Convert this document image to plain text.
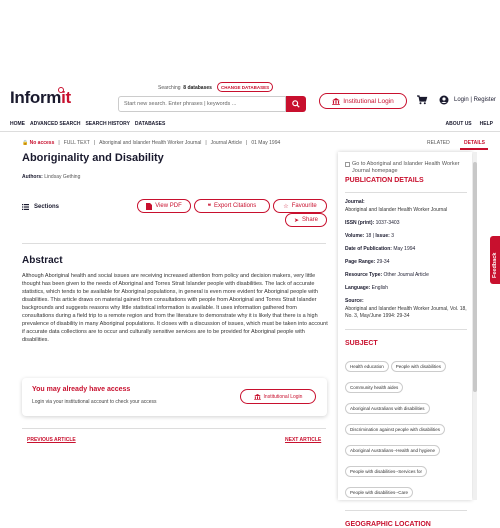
Informit	Searching 8 databases	CHANGE DATABASES
Start new search. Enter phrases | keywords ...	Institutional Login	Login | Register
HOME ADVANCED SEARCH SEARCH HISTORY DATABASES	ABOUT US HELP
🔒 No access | FULL TEXT | Aboriginal and Islander Health Worker Journal | Journal Article | 01 May 1994
Aboriginality and Disability
Authors: Lindsay Gething
Sections	View PDF	❝ Export Citations	☆ Favourite
➤ Share
Abstract
Although Aboriginal health and social issues are receiving increased attention from policy and decision makers, very little thought has been given to the needs of Aboriginal and Torres Strait Islander people with disabilities. The lack of accurate statistics, which tends to be available for Aboriginal populations, in general is even more evident for Aboriginal people with disabilities. This article draws on material gained from consultations with people from Aboriginal and Torres Strait Islander backgrounds and suggests reasons why little statistical information is available. It uses information gathered from consultations during a field trip to a remote region and from the literature to demonstrate why it is likely that there is a high prevalence of disability in many Aboriginal populations. It closes with a discussion of issues, which must be taken into account if accurate data collections are to occur and culturally sensitive services are to be provided for Aboriginal people with disabilities.
You may already have access
Login via your institutional account to check your access
Institutional Login
PREVIOUS ARTICLE	NEXT ARTICLE
RELATED	DETAILS
Go to Aboriginal and Islander Health Worker Journal homepage
PUBLICATION DETAILS
Journal:
Aboriginal and Islander Health Worker Journal
ISSN (print): 1037-3403
Volume: 18 | Issue: 3
Date of Publication: May 1994
Page Range: 29-34
Resource Type: Other Journal Article
Language: English
Source:
Aboriginal and Islander Health Worker Journal, Vol. 18, No. 3, May/June 1994: 29-34
SUBJECT
Health education	People with disabilities Community health aides
Aboriginal Australians with disabilities
Discrimination against people with disabilities
Aboriginal Australians--Health and hygiene
People with disabilities--Services for
People with disabilities--Care
GEOGRAPHIC LOCATION
Feedback
